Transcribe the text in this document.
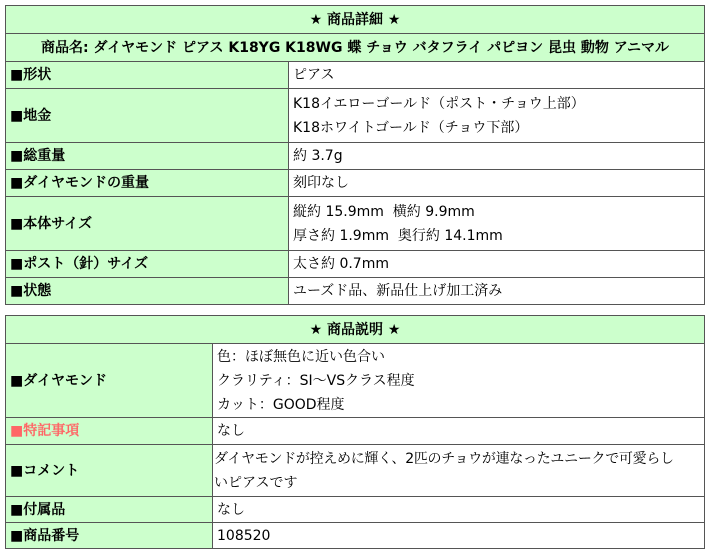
★ 商品詳細 ★	
商品名: ダイヤモンド ピアス K18YG K18WG 蝶 チョウ バタフライ パピヨン 昆虫 動物 アニマル	
■形状	ピアス
■地金	K18イエローゴールド（ポスト・チョウ上部）
K18ホワイトゴールド（チョウ下部）

■総重量	約 3.7g
■ダイヤモンドの重量	刻印なし
■本体サイズ	縦約 15.9mm  横約 9.9mm
厚さ約 1.9mm  奥行約 14.1mm

■ポスト（針）サイズ	太さ約 0.7mm
■状態	ユーズド品、新品仕上げ加工済み
★ 商品説明 ★	
■ダイヤモンド	色：ほぼ無色に近い色合い
クラリティ：SI～VSクラス程度
カット：GOOD程度

■特記事項	なし
■コメント	ダイヤモンドが控えめに輝く、2匹のチョウが連なったユニークで可愛らし
いピアスです

■付属品	なし
■商品番号	108520
